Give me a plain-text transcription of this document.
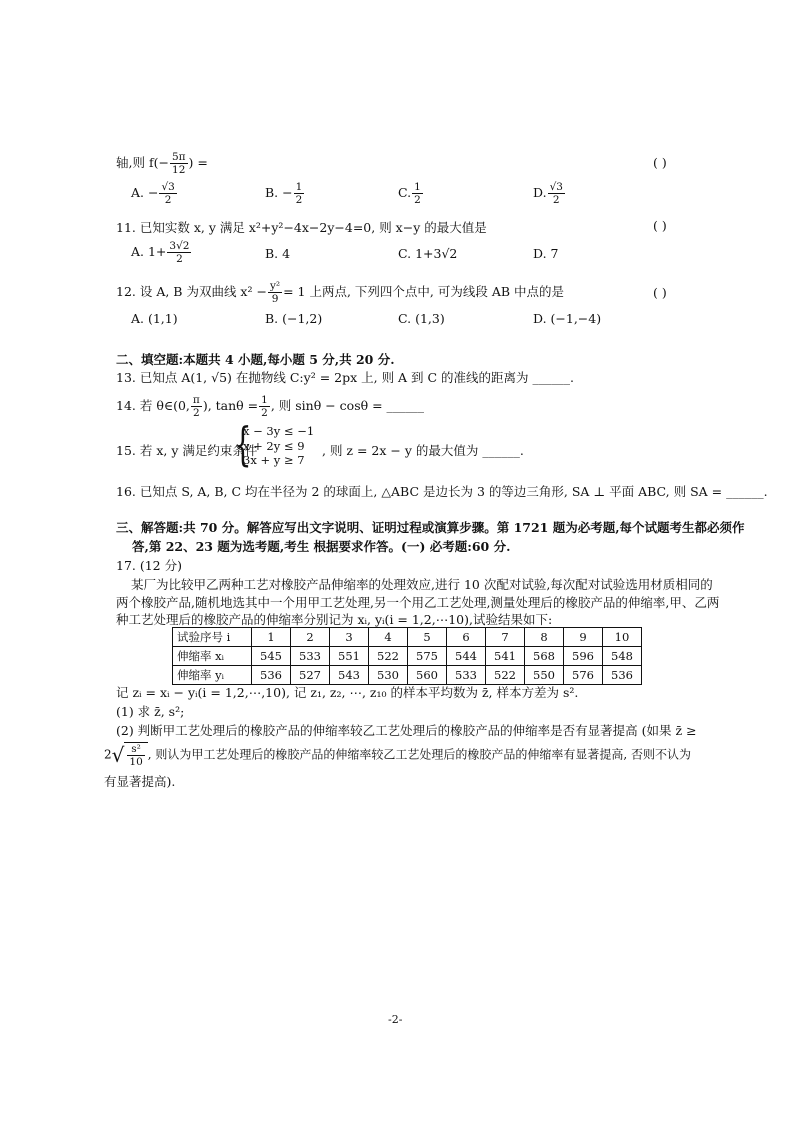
轴,则 $f(- \frac{5\pi}{12}$ ) =	( )
A. − $\frac{√3}{2}$	B. − $\frac{1}{2}$	C. $\frac{1}{2}$	D. $\frac{√3}{2}$
11. 已知实数 x, y 满足 x²+y²−4x−2y−4=0, 则 x−y 的最大值是	( )
A. $1+ \frac{3√2}{2}$	B. 4	C. 1+3√2	D. 7
12. 设 A, B 为双曲线 $x^2 - \frac{\text{y²}}{9} = 1$ 上两点, 下列四个点中, 可为线段 AB 中点的是	( )
A. (1,1)	B. (−1,2)	C. (1,3)	D. (−1,−4)
二、填空题:本题共 4 小题,每小题 5 分,共 20 分.
13. 已知点 A(1, √5) 在抛物线 C:y² = 2px 上, 则 A 到 C 的准线的距离为 ______.
14. 若 θ∈(0, $\frac{\pi}{2}$ ), $\tan\theta = \frac{1}{2}$ , 则 sinθ − cosθ = ______
15. 若 x, y 满足约束条件
{
x − 3y ≤ −1
x + 2y ≤ 9
3x + y ≥ 7
, 则 z = 2x − y 的最大值为 ______.
16. 已知点 S, A, B, C 均在半径为 2 的球面上, △ABC 是边长为 3 的等边三角形, SA ⊥ 平面 ABC, 则 SA = ______.
三、解答题:共 70 分。解答应写出文字说明、证明过程或演算步骤。第 1721 题为必考题,每个试题考生都必须作
答,第 22、23 题为选考题,考生 根据要求作答。(一) 必考题:60 分.
17. (12 分)
某厂为比较甲乙两种工艺对橡胶产品伸缩率的处理效应,进行 10 次配对试验,每次配对试验选用材质相同的
两个橡胶产品,随机地选其中一个用甲工艺处理,另一个用乙工艺处理,测量处理后的橡胶产品的伸缩率,甲、乙两
种工艺处理后的橡胶产品的伸缩率分别记为 xᵢ, yᵢ(i = 1,2,⋯10),试验结果如下:
试验序号 i	1	2	3	4	5	6	7	8	9	10
伸缩率 xᵢ	545	533	551	522	575	544	541	568	596	548
伸缩率 yᵢ	536	527	543	530	560	533	522	550	576	536
记 zᵢ = xᵢ − yᵢ(i = 1,2,⋯,10), 记 z₁, z₂, ⋯, z₁₀ 的样本平均数为 z̄, 样本方差为 s².
(1) 求 z̄, s²;
(2) 判断甲工艺处理后的橡胶产品的伸缩率较乙工艺处理后的橡胶产品的伸缩率是否有显著提高 (如果 z̄ ≥
$2√ \frac{\text{s²}}{10}$ , 则认为甲工艺处理后的橡胶产品的伸缩率较乙工艺处理后的橡胶产品的伸缩率有显著提高, 否则不认为
有显著提高).
-2-
